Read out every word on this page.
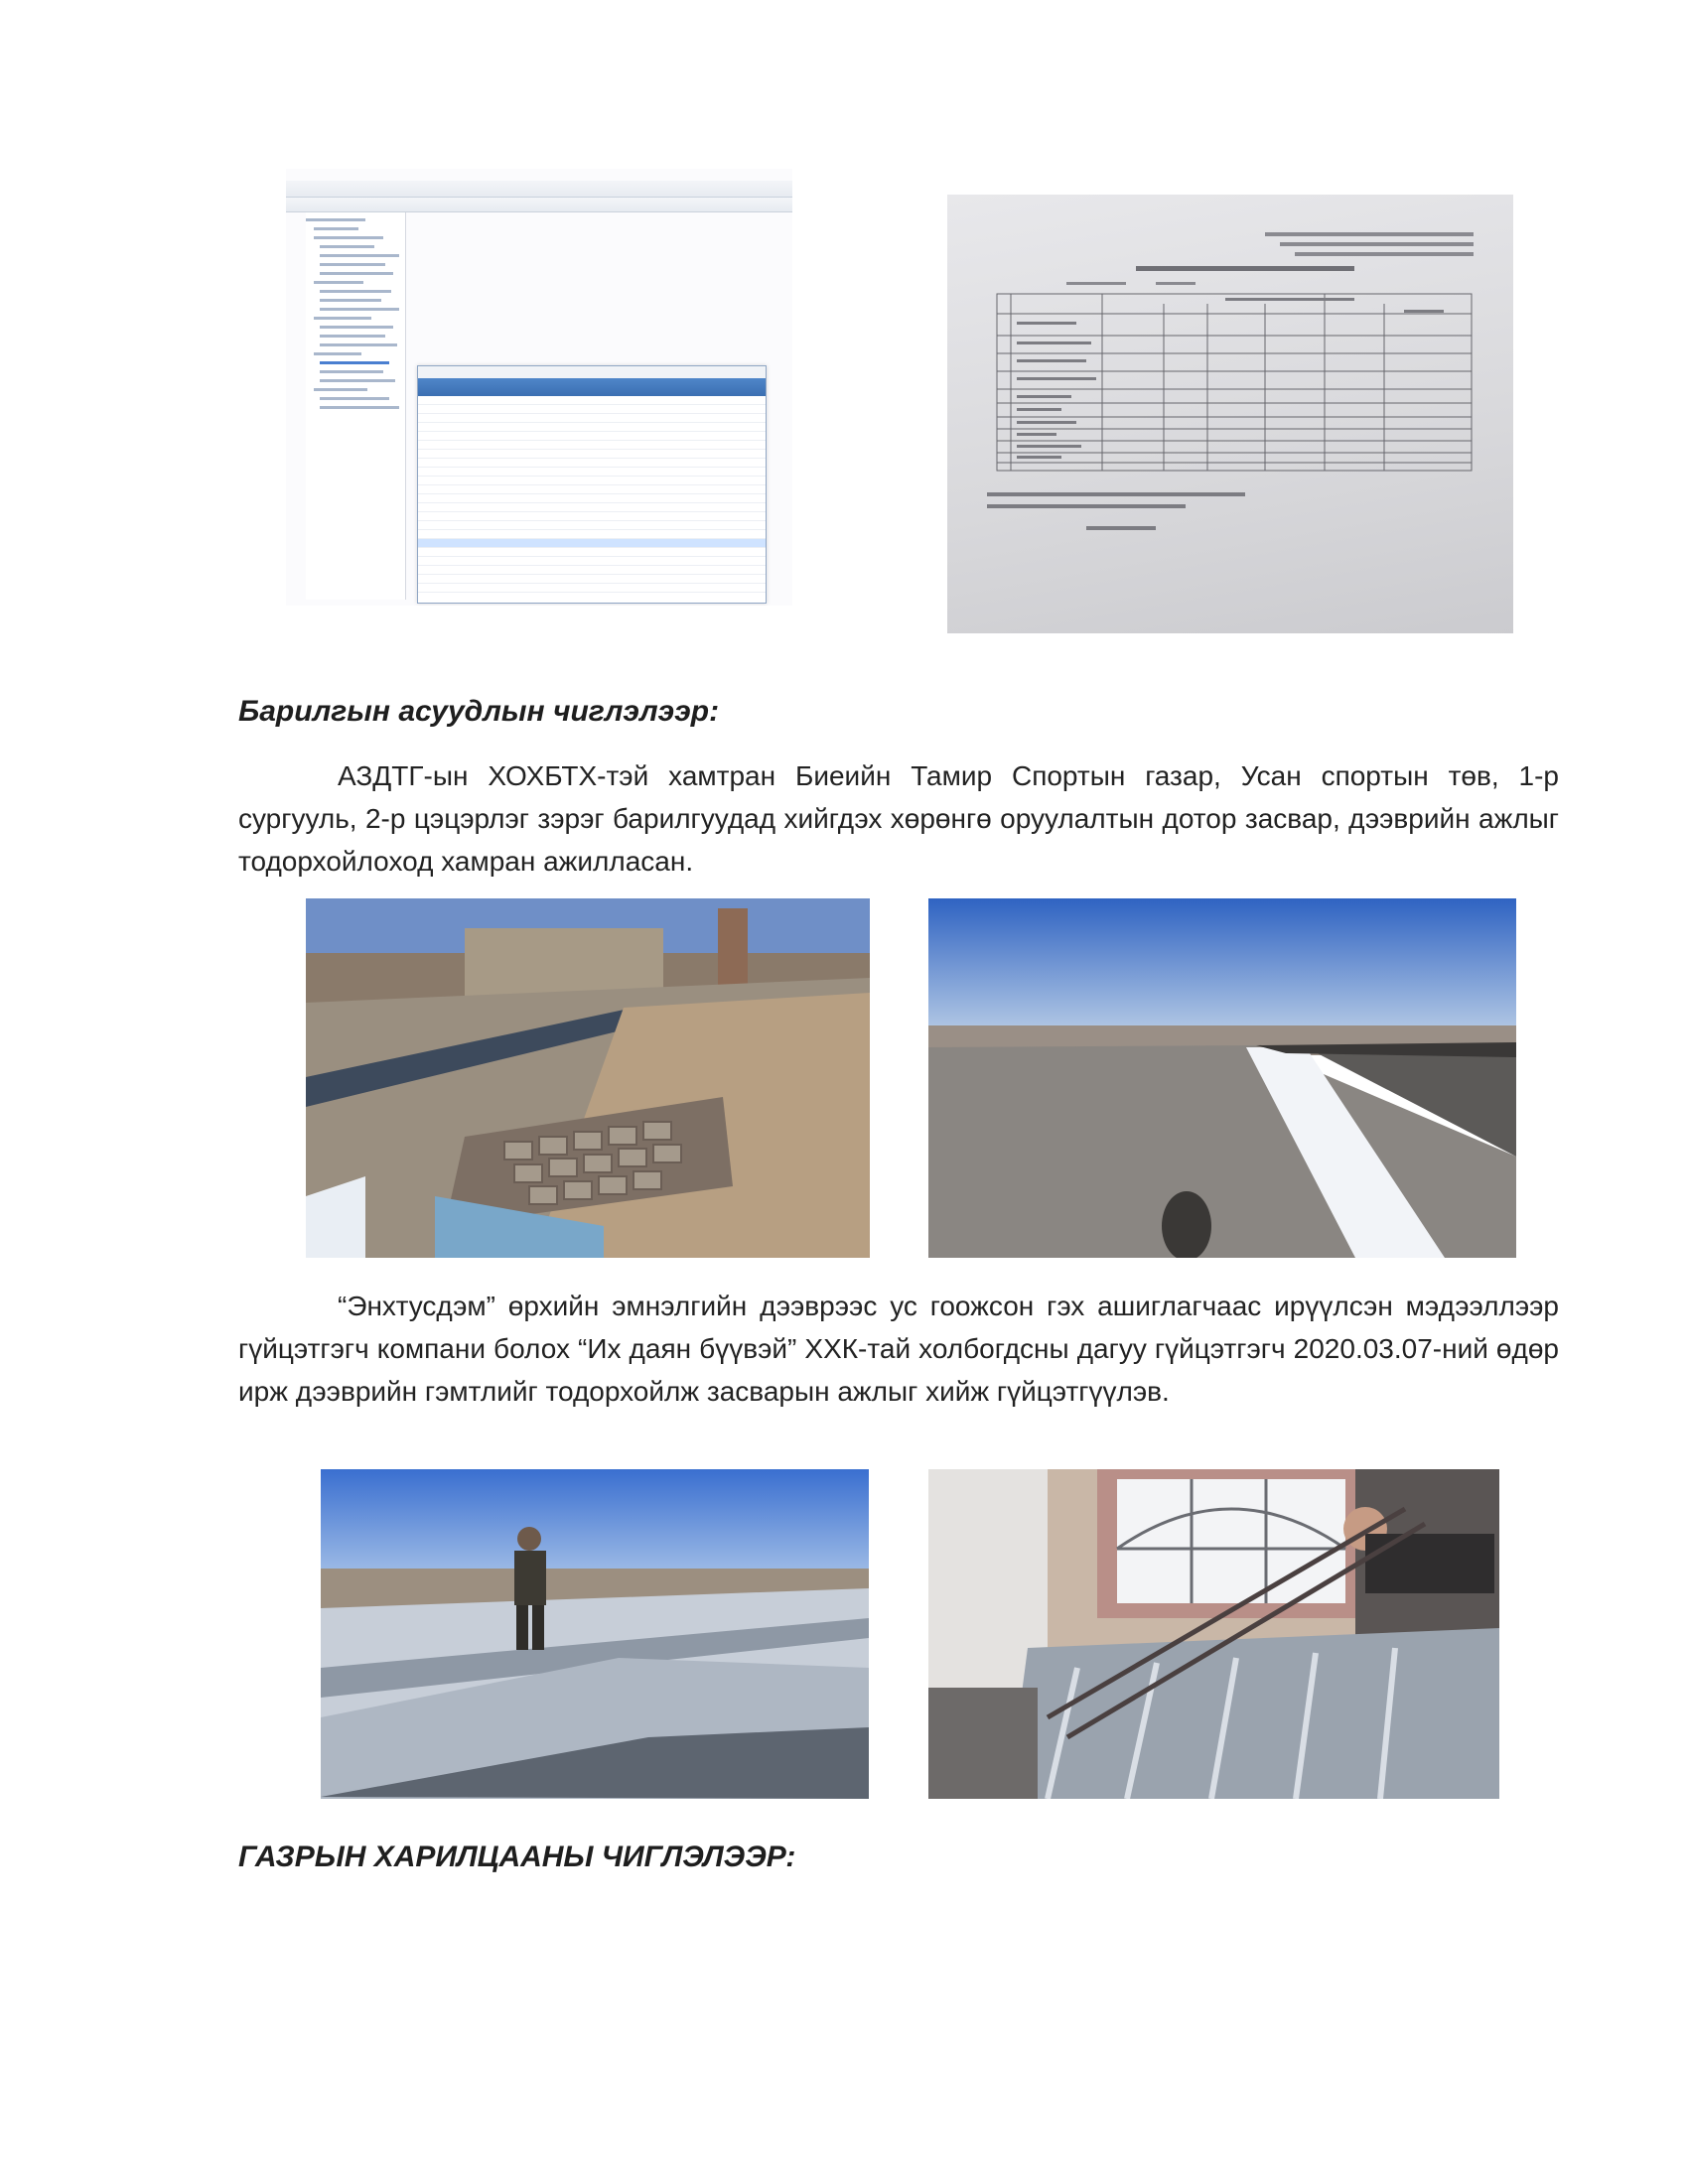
Барилгын асуудлын чиглэлээр:
АЗДТГ-ын ХОХБТХ-тэй хамтран Биеийн Тамир Спортын газар, Усан спортын төв, 1-р сургууль, 2-р цэцэрлэг зэрэг барилгуудад хийгдэх хөрөнгө оруулалтын дотор засвар, дээврийн ажлыг тодорхойлоход хамран ажилласан.
“Энхтусдэм” өрхийн эмнэлгийн дээврээс ус гоожсон гэх ашиглагчаас ирүүлсэн мэдээллээр гүйцэтгэгч компани болох “Их даян бүүвэй” ХХК-тай холбогдсны дагуу гүйцэтгэгч 2020.03.07-ний өдөр ирж дээврийн гэмтлийг тодорхойлж засварын ажлыг хийж гүйцэтгүүлэв.
ГАЗРЫН ХАРИЛЦААНЫ ЧИГЛЭЛЭЭР:
